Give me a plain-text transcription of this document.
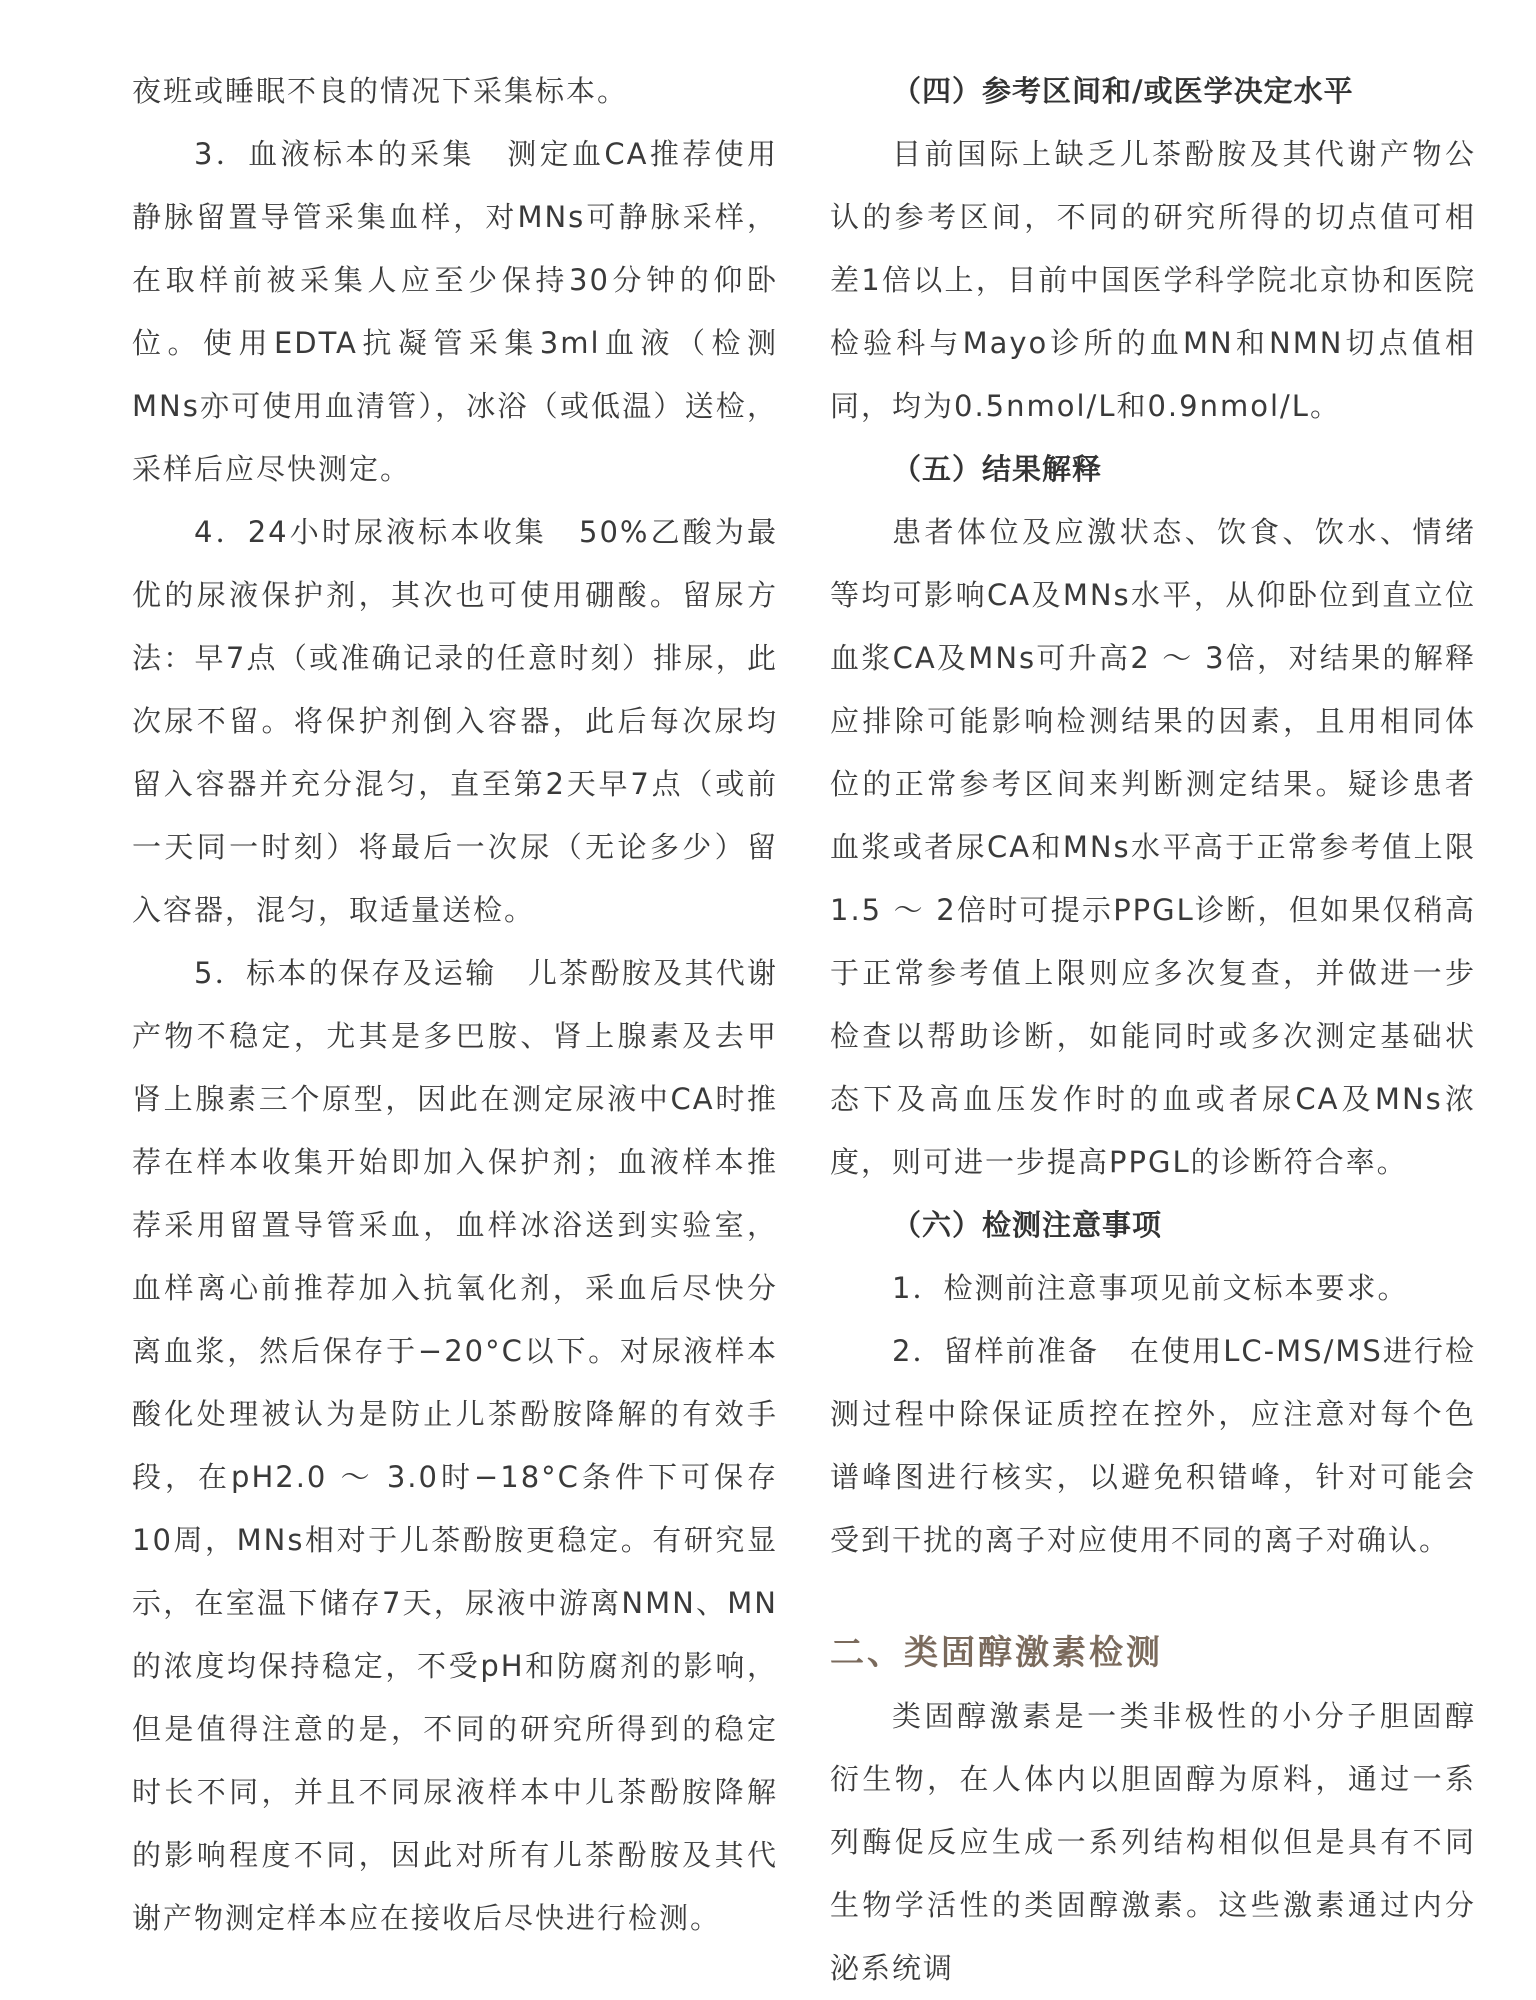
夜班或睡眠不良的情况下采集标本。

3．血液标本的采集　测定血CA推荐使用静脉留置导管采集血样，对MNs可静脉采样，在取样前被采集人应至少保持30分钟的仰卧位。使用EDTA抗凝管采集3ml血液（检测MNs亦可使用血清管），冰浴（或低温）送检，采样后应尽快测定。

4．24小时尿液标本收集　50%乙酸为最优的尿液保护剂，其次也可使用硼酸。留尿方法：早7点（或准确记录的任意时刻）排尿，此次尿不留。将保护剂倒入容器，此后每次尿均留入容器并充分混匀，直至第2天早7点（或前一天同一时刻）将最后一次尿（无论多少）留入容器，混匀，取适量送检。

5．标本的保存及运输　儿茶酚胺及其代谢产物不稳定，尤其是多巴胺、肾上腺素及去甲肾上腺素三个原型，因此在测定尿液中CA时推荐在样本收集开始即加入保护剂；血液样本推荐采用留置导管采血，血样冰浴送到实验室，血样离心前推荐加入抗氧化剂，采血后尽快分离血浆，然后保存于−20°C以下。对尿液样本酸化处理被认为是防止儿茶酚胺降解的有效手段，在pH2.0 ～ 3.0时−18°C条件下可保存10周，MNs相对于儿茶酚胺更稳定。有研究显示，在室温下储存7天，尿液中游离NMN、MN的浓度均保持稳定，不受pH和防腐剂的影响，但是值得注意的是，不同的研究所得到的稳定时长不同，并且不同尿液样本中儿茶酚胺降解的影响程度不同，因此对所有儿茶酚胺及其代谢产物测定样本应在接收后尽快进行检测。

（四）参考区间和/或医学决定水平

目前国际上缺乏儿茶酚胺及其代谢产物公认的参考区间，不同的研究所得的切点值可相差1倍以上，目前中国医学科学院北京协和医院检验科与Mayo诊所的血MN和NMN切点值相同，均为0.5nmol/L和0.9nmol/L。

（五）结果解释

患者体位及应激状态、饮食、饮水、情绪等均可影响CA及MNs水平，从仰卧位到直立位血浆CA及MNs可升高2 ～ 3倍，对结果的解释应排除可能影响检测结果的因素，且用相同体位的正常参考区间来判断测定结果。疑诊患者血浆或者尿CA和MNs水平高于正常参考值上限1.5 ～ 2倍时可提示PPGL诊断，但如果仅稍高于正常参考值上限则应多次复查，并做进一步检查以帮助诊断，如能同时或多次测定基础状态下及高血压发作时的血或者尿CA及MNs浓度，则可进一步提高PPGL的诊断符合率。

（六）检测注意事项

1．检测前注意事项见前文标本要求。

2．留样前准备　在使用LC-MS/MS进行检测过程中除保证质控在控外，应注意对每个色谱峰图进行核实，以避免积错峰，针对可能会受到干扰的离子对应使用不同的离子对确认。

二、类固醇激素检测

类固醇激素是一类非极性的小分子胆固醇衍生物，在人体内以胆固醇为原料，通过一系列酶促反应生成一系列结构相似但是具有不同生物学活性的类固醇激素。这些激素通过内分泌系统调
